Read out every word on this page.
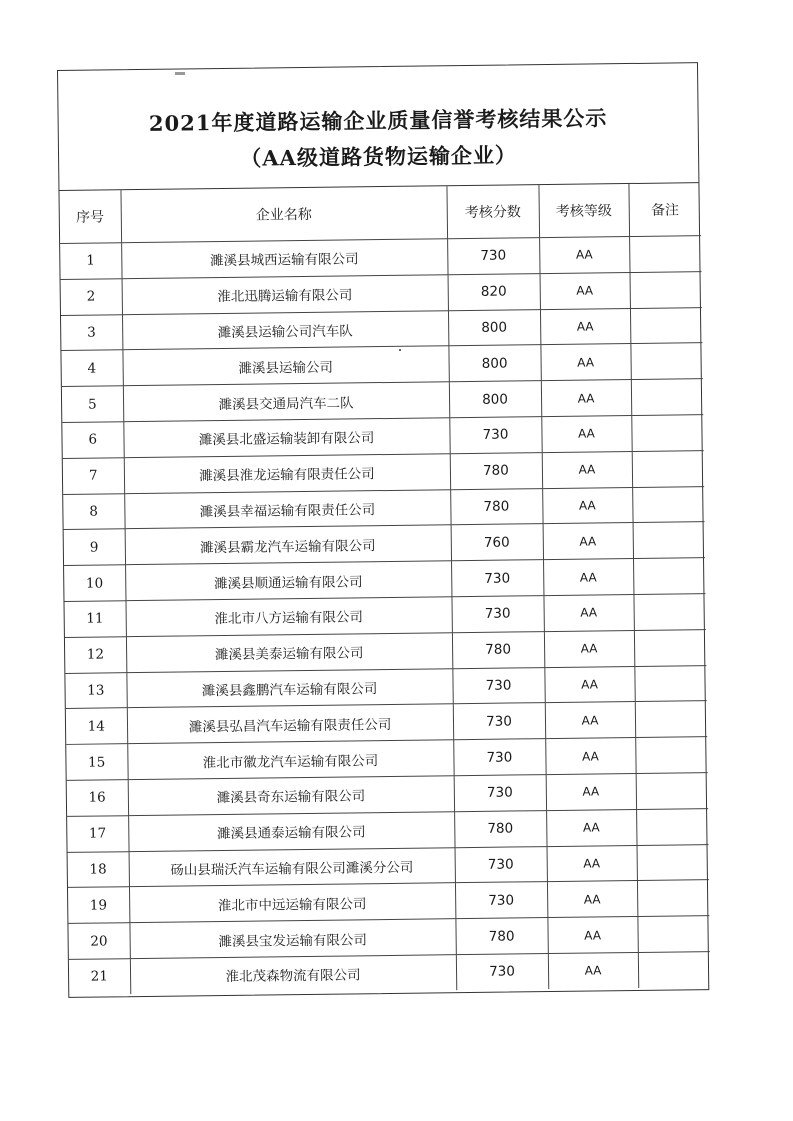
2021年度道路运输企业质量信誉考核结果公示
（AA级道路货物运输企业）
序号	企业名称	考核分数	考核等级	备注
1	濉溪县城西运输有限公司	730	AA	
2	淮北迅腾运输有限公司	820	AA	
3	濉溪县运输公司汽车队	800	AA	
4	濉溪县运输公司	800	AA	
5	濉溪县交通局汽车二队	800	AA	
6	濉溪县北盛运输装卸有限公司	730	AA	
7	濉溪县淮龙运输有限责任公司	780	AA	
8	濉溪县幸福运输有限责任公司	780	AA	
9	濉溪县霸龙汽车运输有限公司	760	AA	
10	濉溪县顺通运输有限公司	730	AA	
11	淮北市八方运输有限公司	730	AA	
12	濉溪县美泰运输有限公司	780	AA	
13	濉溪县鑫鹏汽车运输有限公司	730	AA	
14	濉溪县弘昌汽车运输有限责任公司	730	AA	
15	淮北市徽龙汽车运输有限公司	730	AA	
16	濉溪县奇东运输有限公司	730	AA	
17	濉溪县通泰运输有限公司	780	AA	
18	砀山县瑞沃汽车运输有限公司濉溪分公司	730	AA	
19	淮北市中远运输有限公司	730	AA	
20	濉溪县宝发运输有限公司	780	AA	
21	淮北茂森物流有限公司	730	AA	
